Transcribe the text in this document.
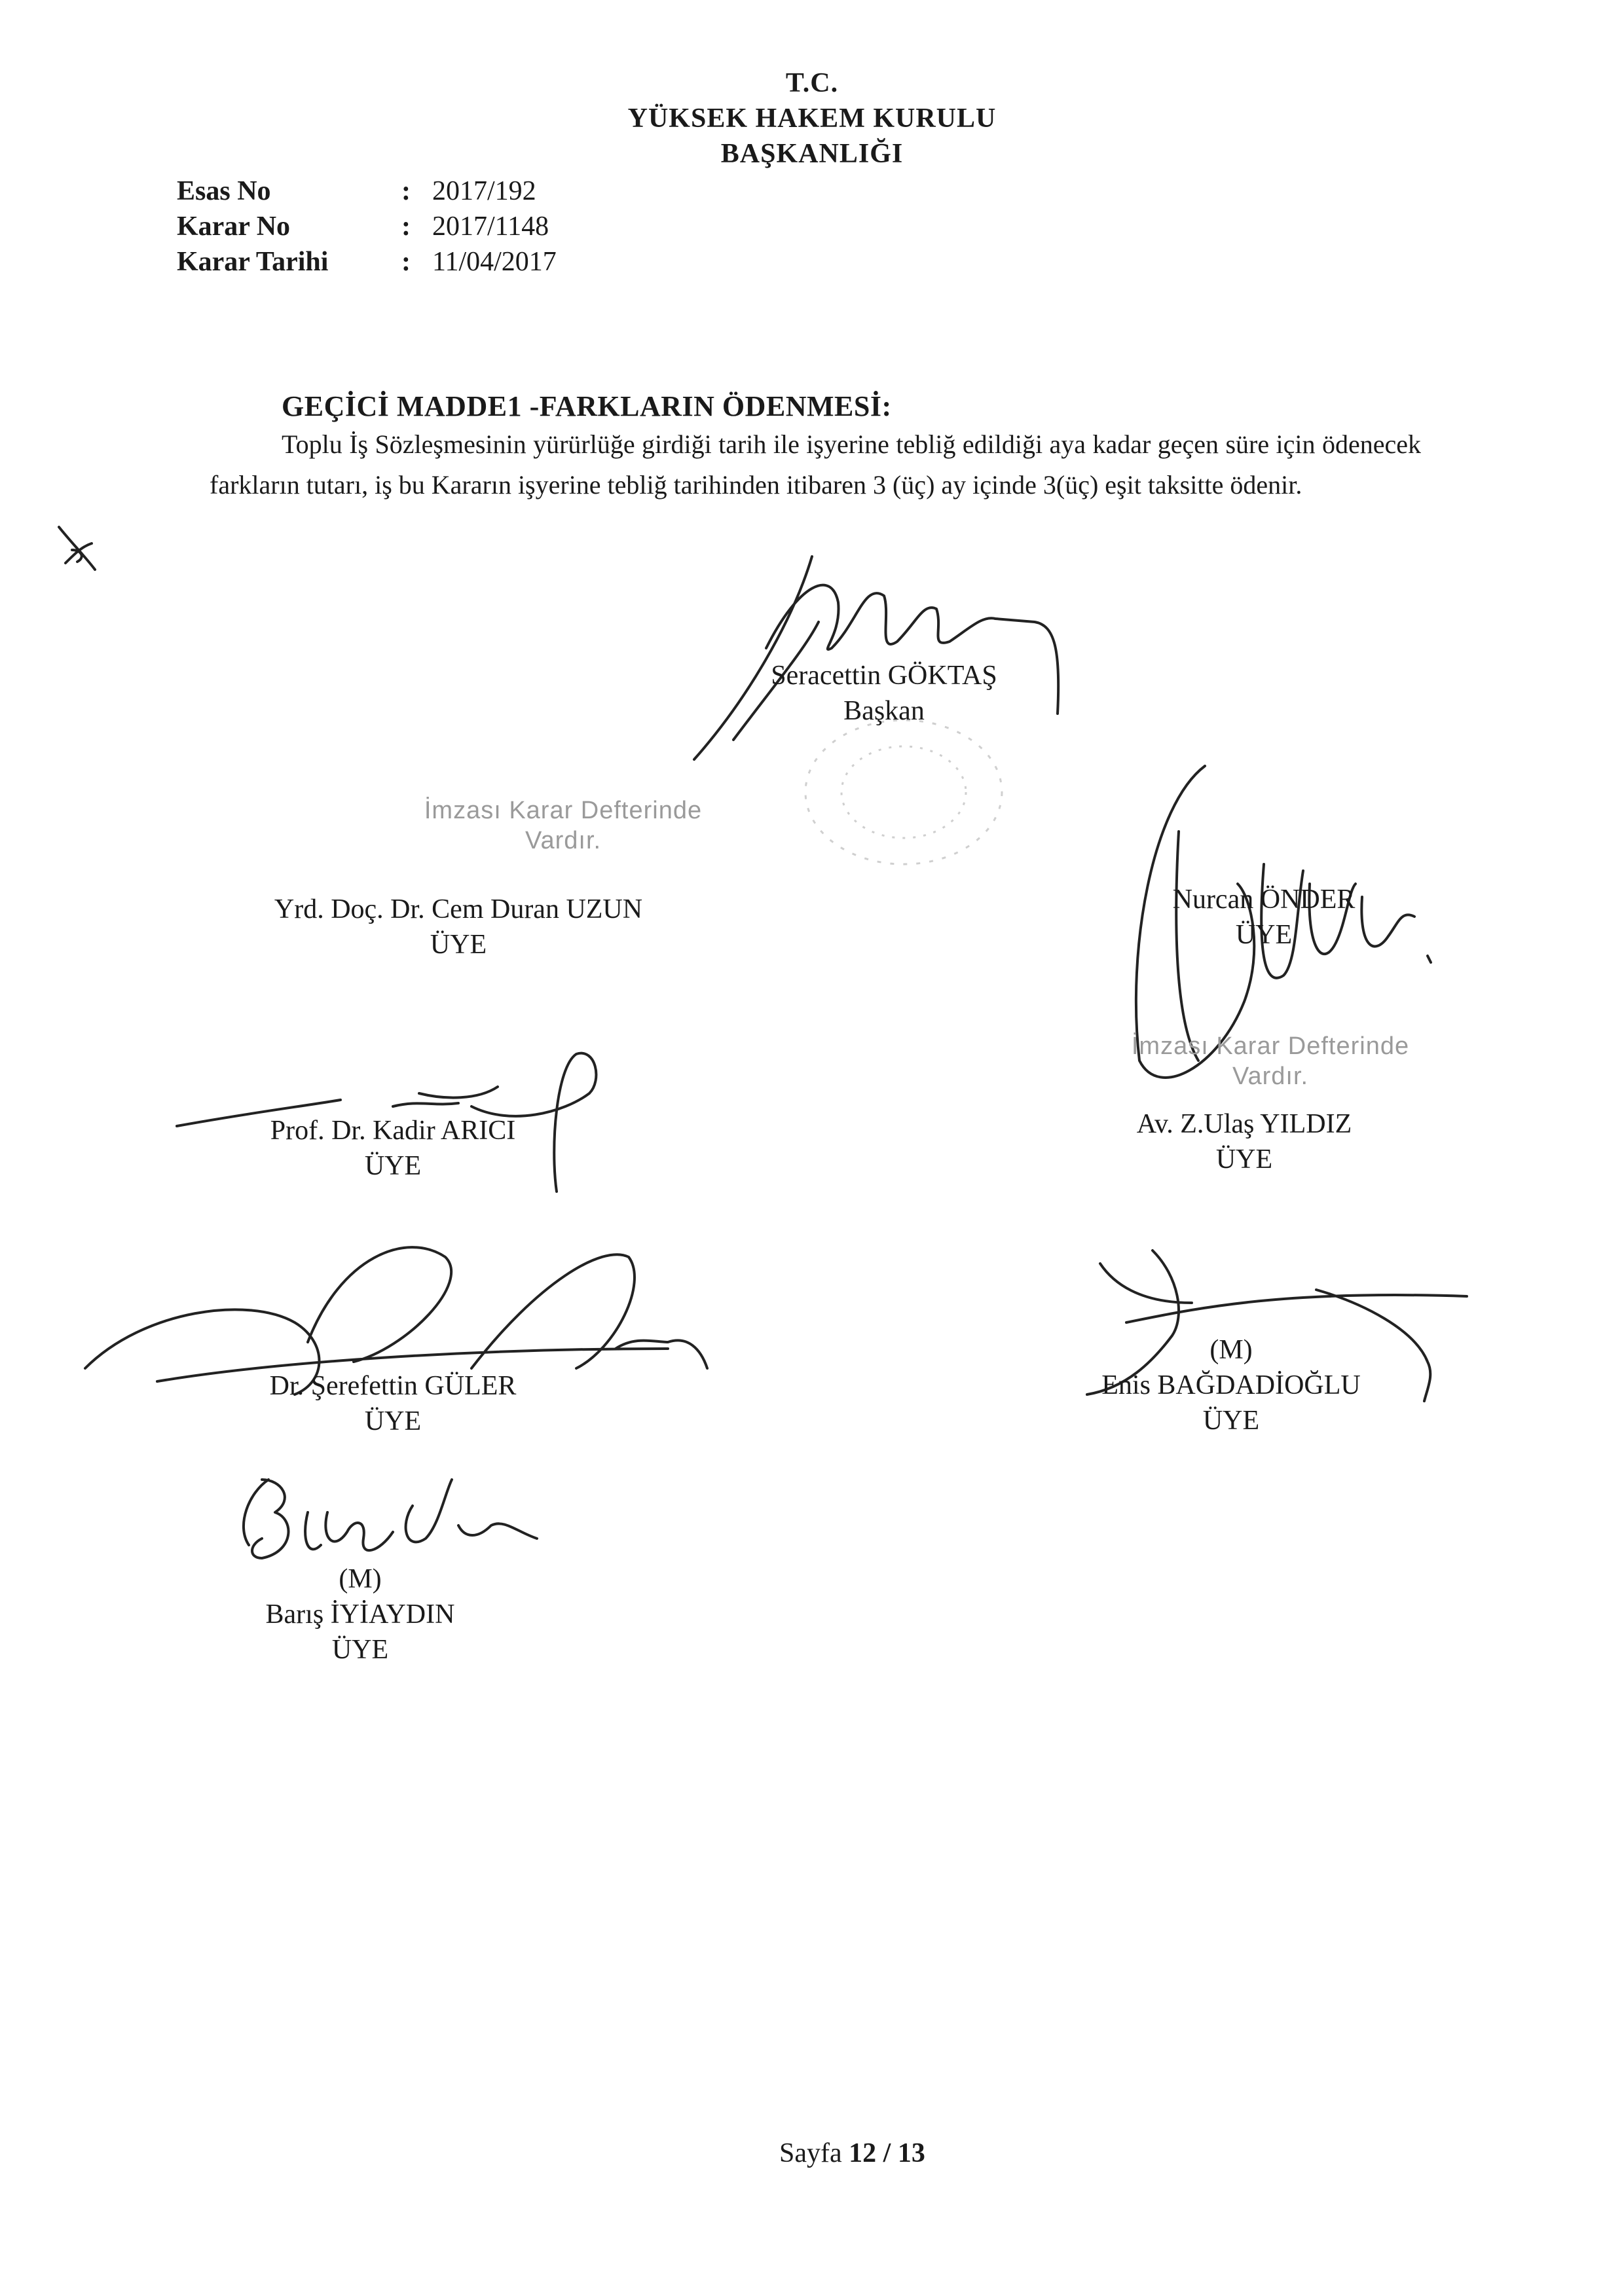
T.C.
YÜKSEK HAKEM KURULU
BAŞKANLIĞI
Esas No	: 2017/192
Karar No	: 2017/1148
Karar Tarihi	: 11/04/2017
GEÇİCİ MADDE1 -FARKLARIN ÖDENMESİ:
Toplu İş Sözleşmesinin yürürlüğe girdiği tarih ile işyerine tebliğ edildiği aya kadar geçen süre için ödenecek farkların tutarı, iş bu Kararın işyerine tebliğ tarihinden itibaren 3 (üç) ay içinde 3(üç) eşit taksitte ödenir.
Seracettin GÖKTAŞ
Başkan
İmzası Karar Defterinde
Vardır.
Yrd. Doç. Dr. Cem Duran UZUN
ÜYE
Nurcan ÖNDER
ÜYE
İmzası Karar Defterinde
Vardır.
Prof. Dr. Kadir ARICI
ÜYE
Av. Z.Ulaş YILDIZ
ÜYE
Dr. Şerefettin GÜLER
ÜYE
(M)
Enis BAĞDADİOĞLU
ÜYE
(M)
Barış İYİAYDIN
ÜYE
Sayfa 12 / 13
